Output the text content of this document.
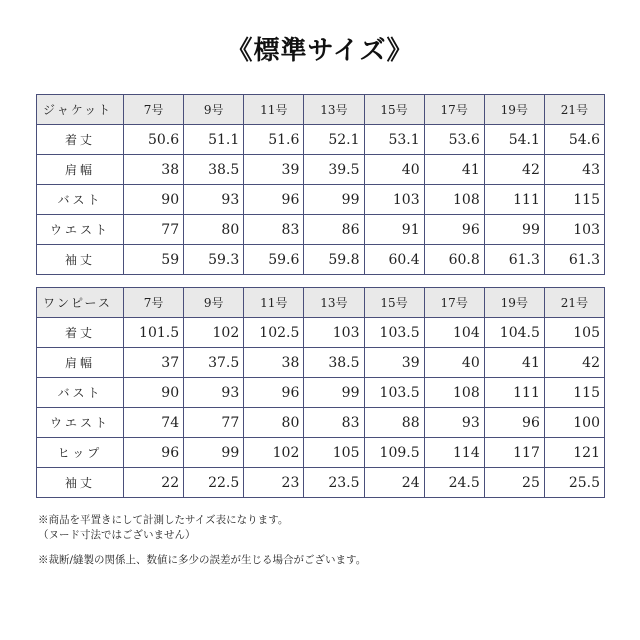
《標準サイズ》
ジャケット	7号	9号	11号	13号	15号	17号	19号	21号
着丈	50.6	51.1	51.6	52.1	53.1	53.6	54.1	54.6
肩幅	38	38.5	39	39.5	40	41	42	43
バスト	90	93	96	99	103	108	111	115
ウエスト	77	80	83	86	91	96	99	103
袖丈	59	59.3	59.6	59.8	60.4	60.8	61.3	61.3
ワンピース	7号	9号	11号	13号	15号	17号	19号	21号
着丈	101.5	102	102.5	103	103.5	104	104.5	105
肩幅	37	37.5	38	38.5	39	40	41	42
バスト	90	93	96	99	103.5	108	111	115
ウエスト	74	77	80	83	88	93	96	100
ヒップ	96	99	102	105	109.5	114	117	121
袖丈	22	22.5	23	23.5	24	24.5	25	25.5
※商品を平置きにして計測したサイズ表になります。
（ヌード寸法ではございません）
※裁断/縫製の関係上、数値に多少の誤差が生じる場合がございます。
